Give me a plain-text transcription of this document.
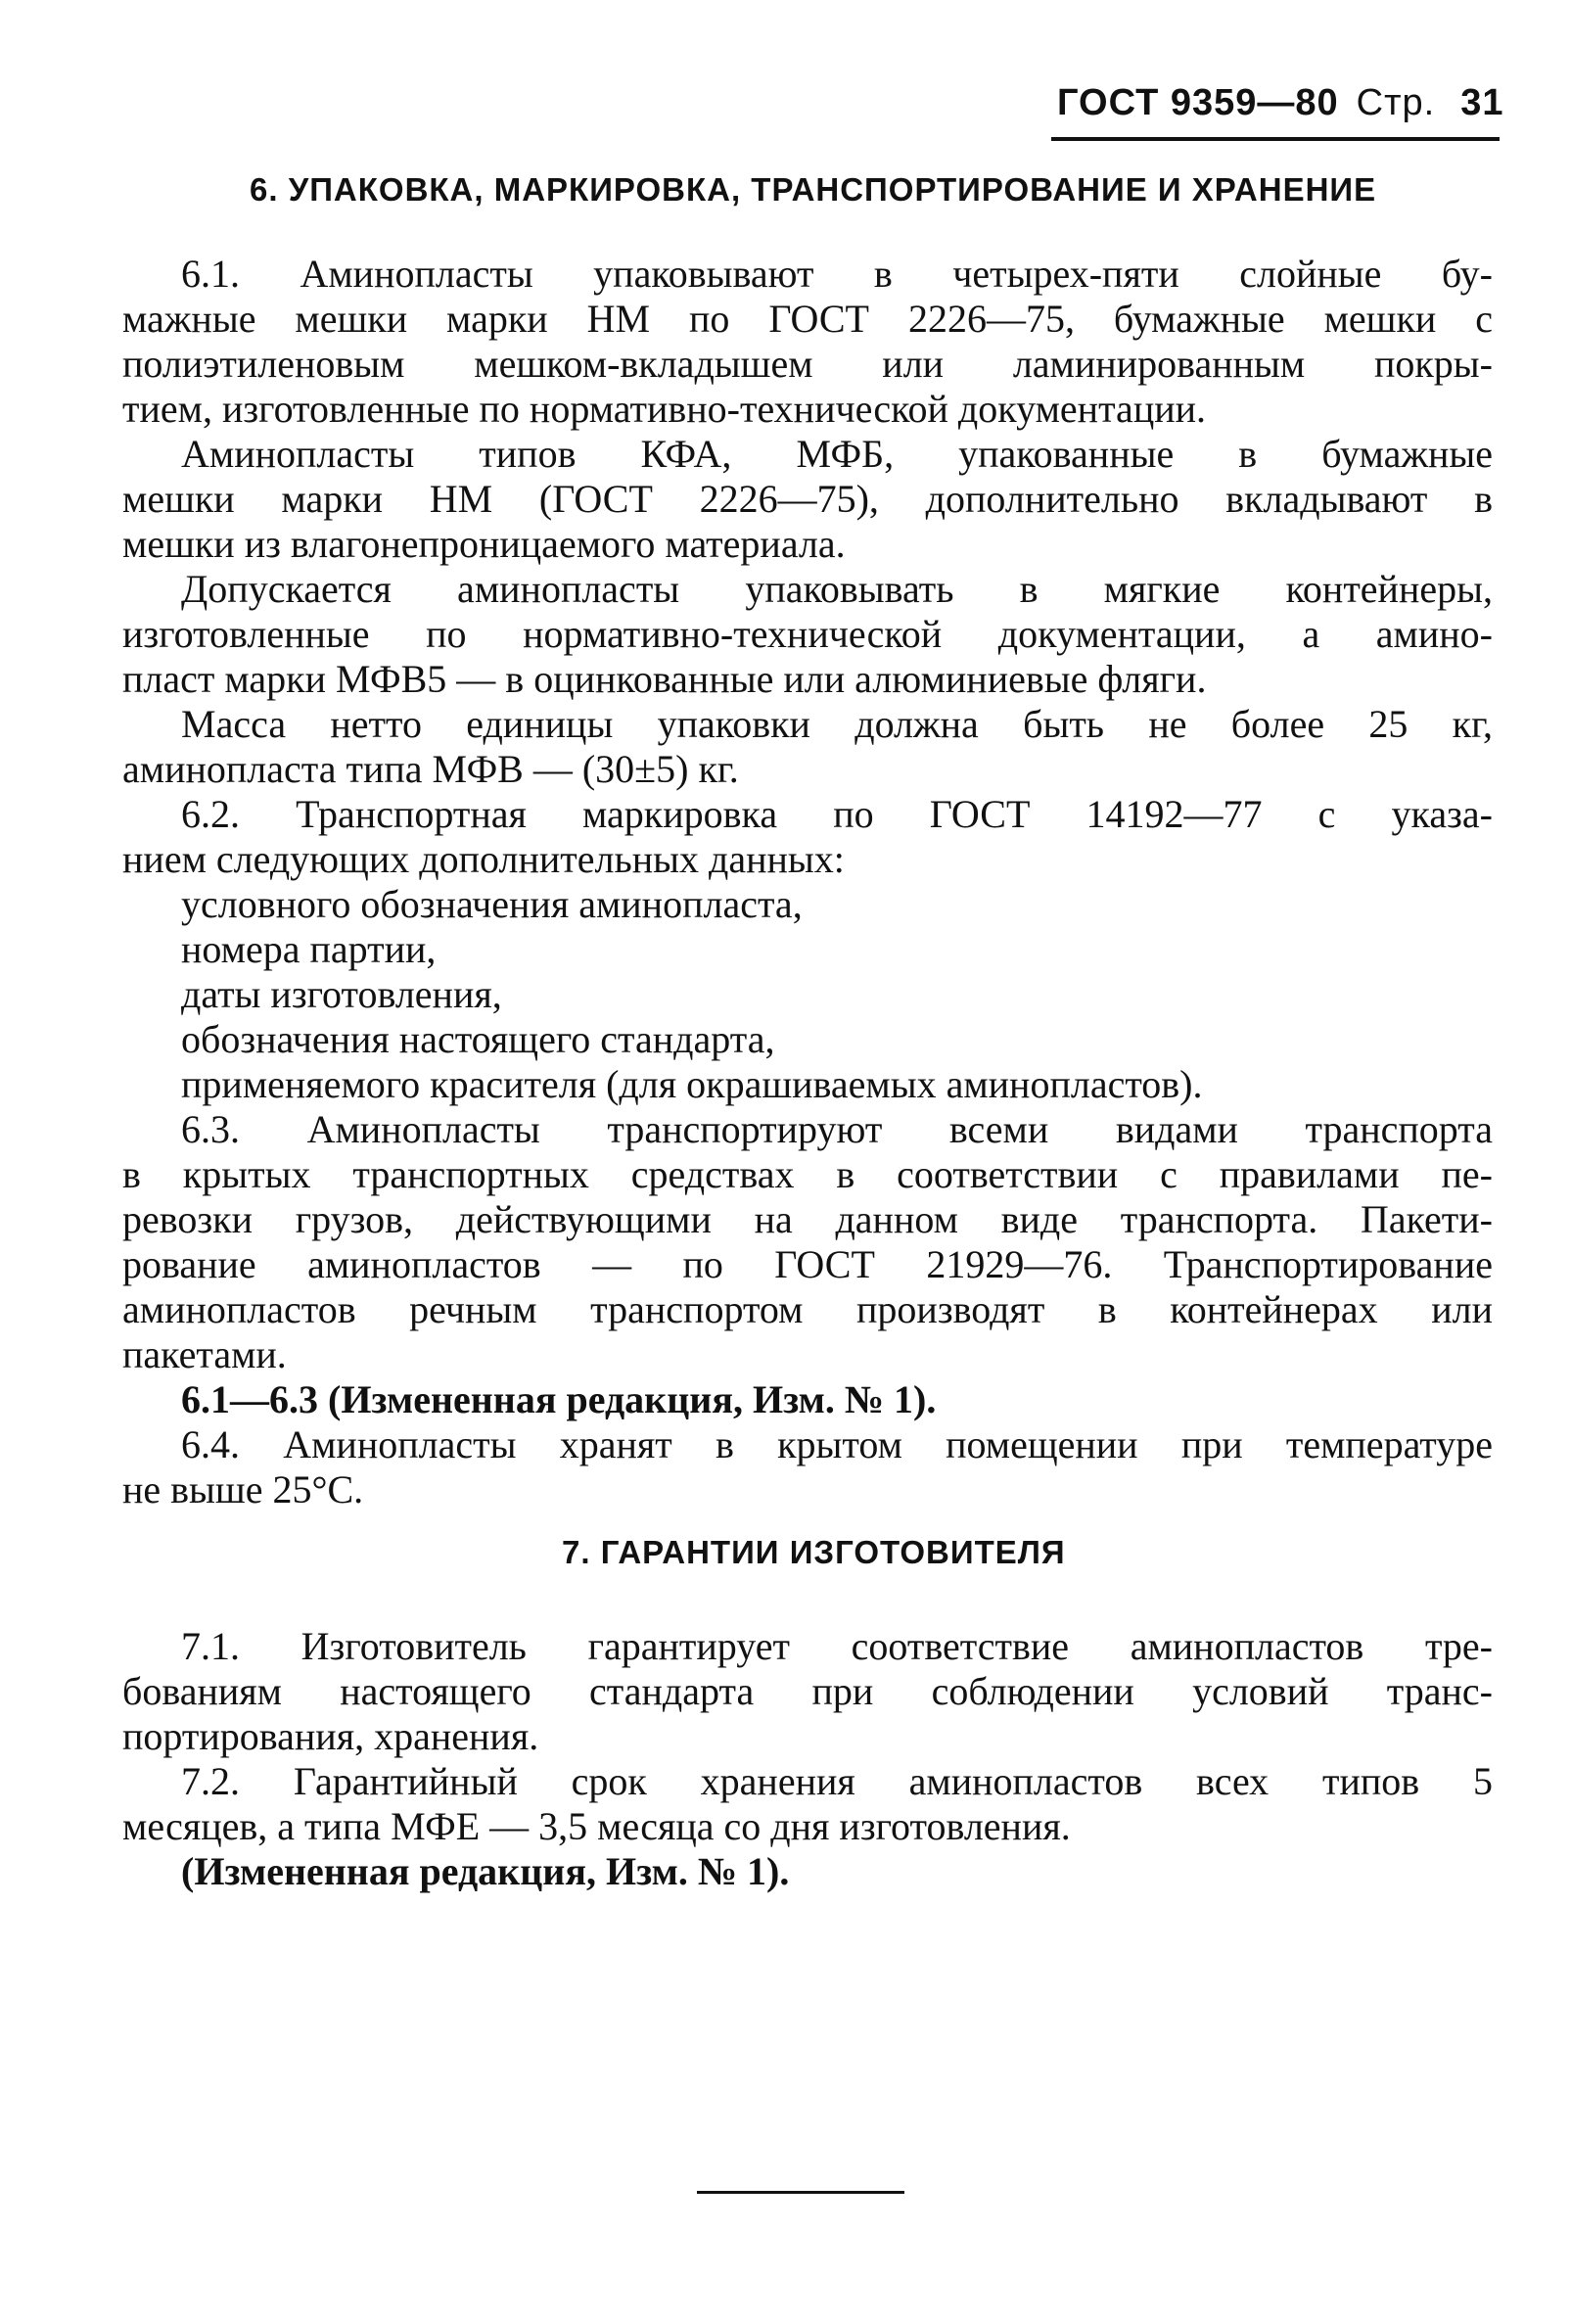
ГОСТ 9359—80 Стр. 31
6. УПАКОВКА, МАРКИРОВКА, ТРАНСПОРТИРОВАНИЕ И ХРАНЕНИЕ
6.1. Аминопласты упаковывают в четырех-пяти слойные бу-
мажные мешки марки НМ по ГОСТ 2226—75, бумажные мешки с
полиэтиленовым мешком-вкладышем или ламинированным покры-
тием, изготовленные по нормативно-технической документации.
Аминопласты типов КФА, МФБ, упакованные в бумажные
мешки марки НМ (ГОСТ 2226—75), дополнительно вкладывают в
мешки из влагонепроницаемого материала.
Допускается аминопласты упаковывать в мягкие контейнеры,
изготовленные по нормативно-технической документации, а амино-
пласт марки МФВ5 — в оцинкованные или алюминиевые фляги.
Масса нетто единицы упаковки должна быть не более 25 кг,
аминопласта типа МФВ — (30±5) кг.
6.2. Транспортная маркировка по ГОСТ 14192—77 с указа-
нием следующих дополнительных данных:
условного обозначения аминопласта,
номера партии,
даты изготовления,
обозначения настоящего стандарта,
применяемого красителя (для окрашиваемых аминопластов).
6.3. Аминопласты транспортируют всеми видами транспорта
в крытых транспортных средствах в соответствии с правилами пе-
ревозки грузов, действующими на данном виде транспорта. Пакети-
рование аминопластов — по ГОСТ 21929—76. Транспортирование
аминопластов речным транспортом производят в контейнерах или
пакетами.
6.1—6.3 (Измененная редакция, Изм. № 1).
6.4. Аминопласты хранят в крытом помещении при температуре
не выше 25°С.
7. ГАРАНТИИ ИЗГОТОВИТЕЛЯ
7.1. Изготовитель гарантирует соответствие аминопластов тре-
бованиям настоящего стандарта при соблюдении условий транс-
портирования, хранения.
7.2. Гарантийный срок хранения аминопластов всех типов 5
месяцев, а типа МФЕ — 3,5 месяца со дня изготовления.
(Измененная редакция, Изм. № 1).
